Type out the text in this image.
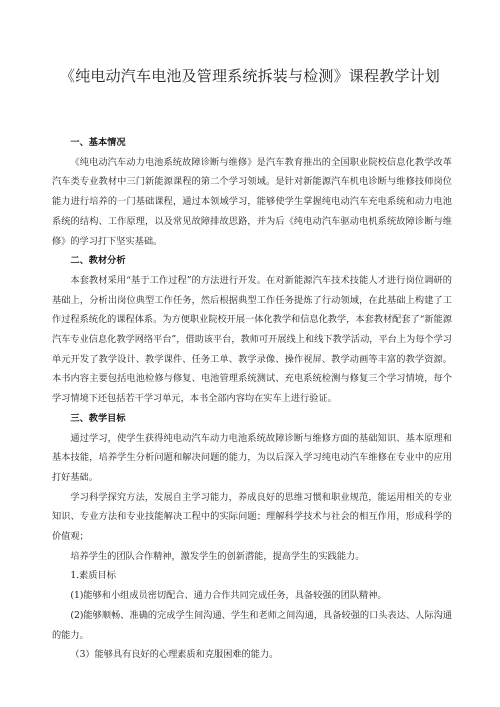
《纯电动汽车电池及管理系统拆装与检测》课程教学计划

一、基本情况

《纯电动汽车动力电池系统故障诊断与维修》是汽车教育推出的全国职业院校信息化教学改革汽车类专业教材中三门新能源课程的第二个学习领域。是针对新能源汽车机电诊断与维修技师岗位能力进行培养的一门基础课程，通过本领域学习，能够使学生掌握纯电动汽车充电系统和动力电池系统的结构、工作原理，以及常见故障排故思路，并为后《纯电动汽车驱动电机系统故障诊断与维修》的学习打下坚实基础。

二、教材分析

本套教材采用“基于工作过程”的方法进行开发。在对新能源汽车技术技能人才进行岗位调研的基础上，分析出岗位典型工作任务，然后根据典型工作任务提炼了行动领域，在此基础上构建了工作过程系统化的课程体系。为方便职业院校开展一体化教学和信息化教学，本套教材配套了“新能源汽车专业信息化教学网络平台”，借助该平台，教师可开展线上和线下教学活动，平台上为每个学习单元开发了教学设计、教学课件、任务工单、教学录像、操作视屏、教学动画等丰富的教学资源。本书内容主要包括电池检修与修复、电池管理系统测试、充电系统检测与修复三个学习情境，每个学习情境下还包括若干学习单元，本书全部内容均在实车上进行验证。

三、教学目标

通过学习，使学生获得纯电动汽车动力电池系统故障诊断与维修方面的基础知识、基本原理和基本技能，培养学生分析问题和解决问题的能力，为以后深入学习纯电动汽车维修在专业中的应用打好基础。

学习科学探究方法，发展自主学习能力，养成良好的思维习惯和职业规范，能运用相关的专业知识、专业方法和专业技能解决工程中的实际问题；理解科学技术与社会的相互作用，形成科学的价值观；

培养学生的团队合作精神，激发学生的创新潜能，提高学生的实践能力。

1.素质目标

(1)能够和小组成员密切配合、通力合作共同完成任务，具备较强的团队精神。

(2)能够顺畅、准确的完成学生间沟通、学生和老师之间沟通，具备较强的口头表达、人际沟通的能力。

（3）能够具有良好的心理素质和克服困难的能力。
